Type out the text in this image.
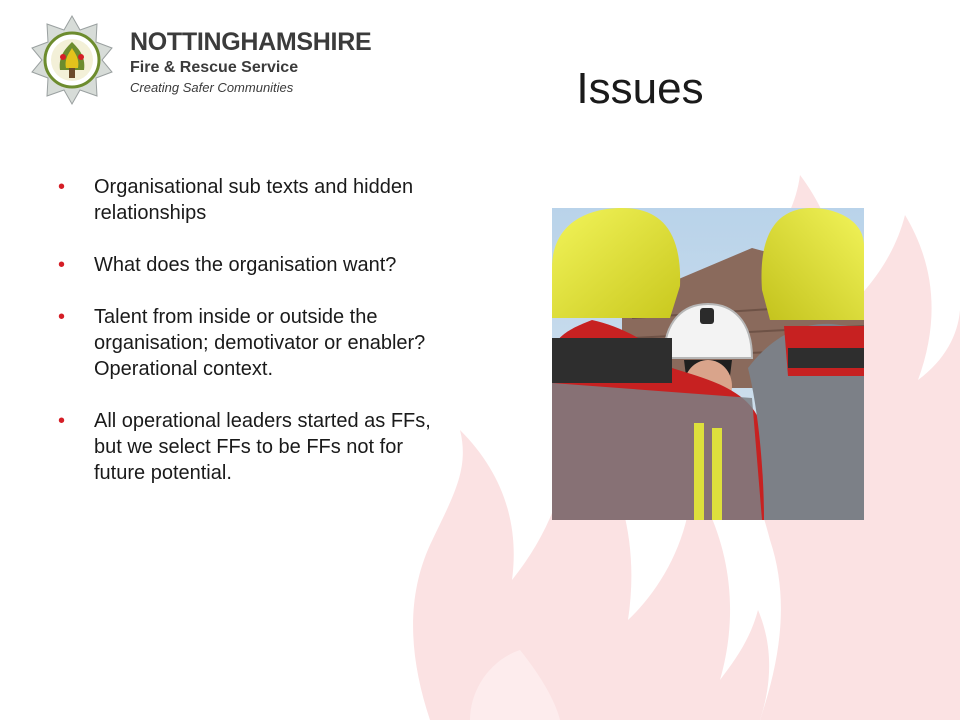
NOTTINGHAMSHIRE
Fire & Rescue Service
Creating Safer Communities	Issues
• Organisational sub texts and hidden relationships
• What does the organisation want?
• Talent from inside or outside the organisation; demotivator or enabler? Operational context.
• All operational leaders started as FFs, but we select FFs to be FFs not for future potential.
